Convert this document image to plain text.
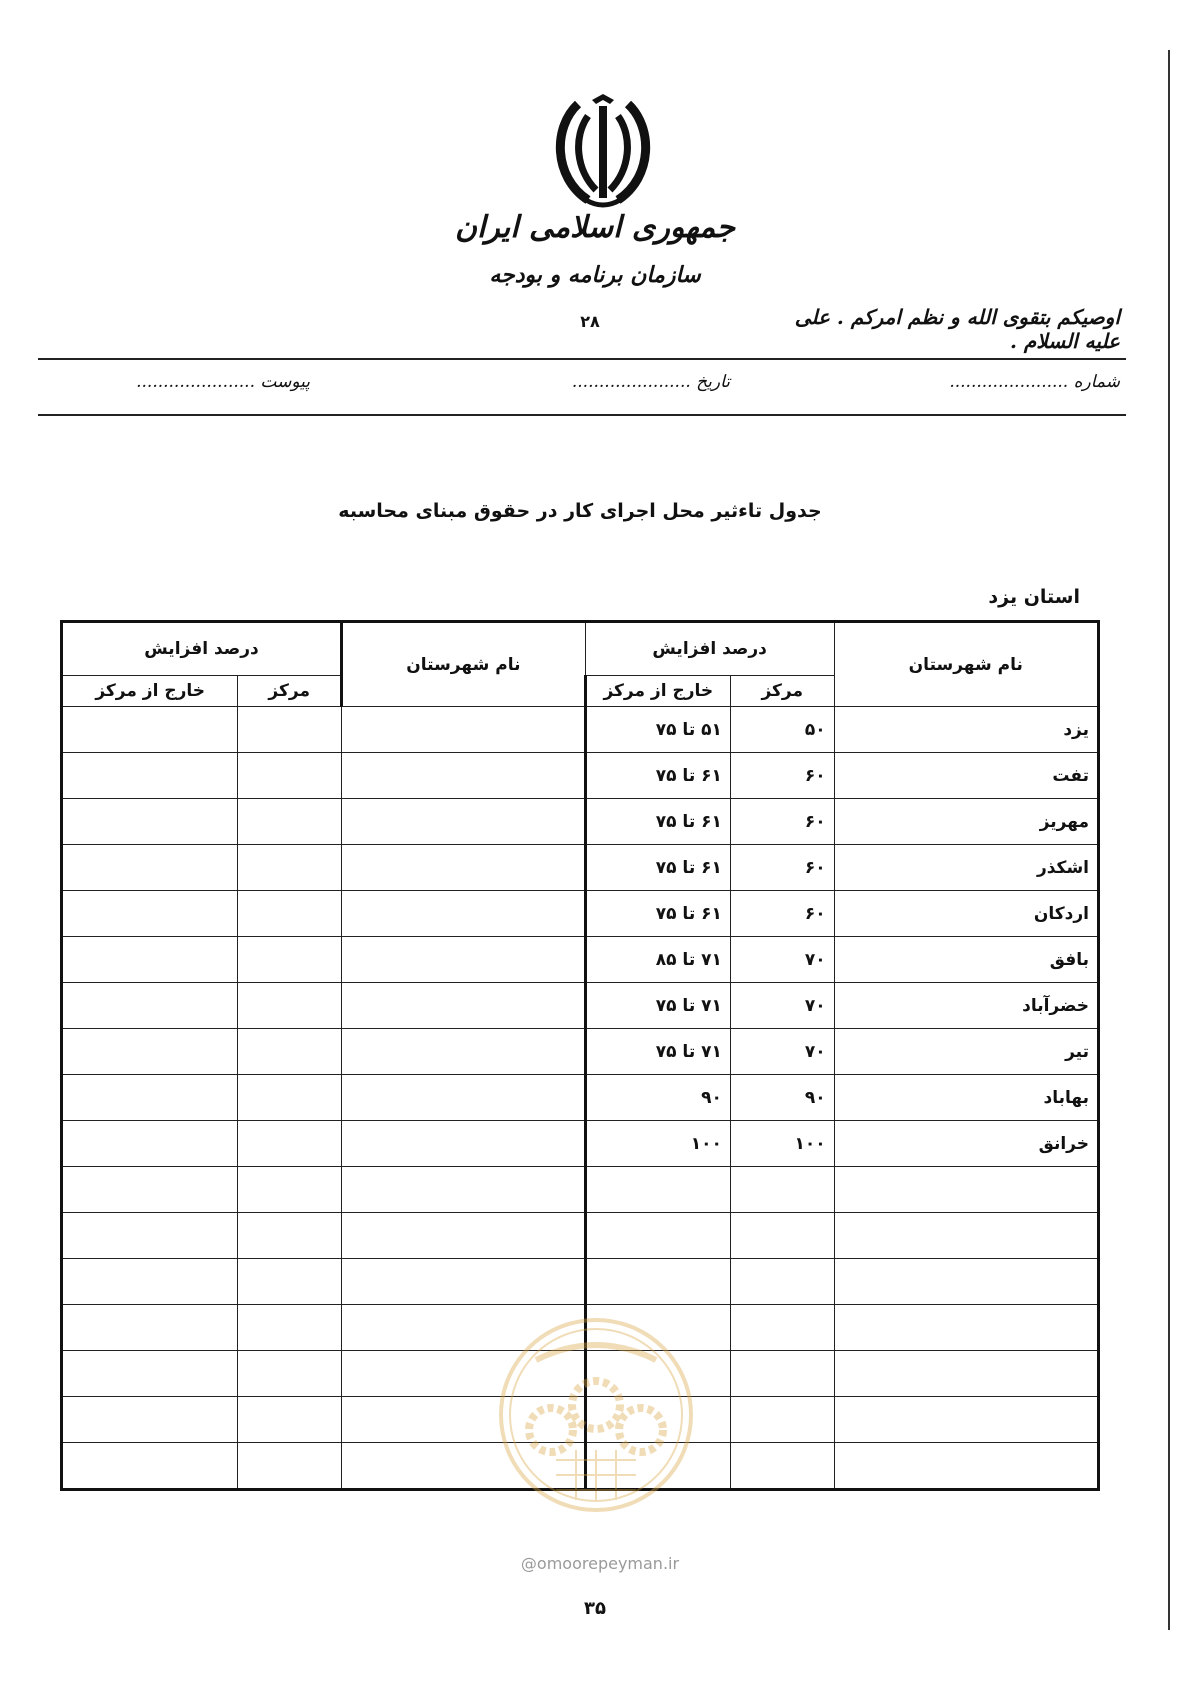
جمهوری اسلامی ایران
سازمان برنامه و بودجه
۲۸	اوصیکم بتقوی الله و نظم امرکم . علی علیه السلام .
شماره ......................
تاریخ ......................
پیوست ......................
جدول تاءثیر محل اجرای کار در حقوق مبنای محاسبه
استان یزد
نام شهرستان	درصد افزایش		نام شهرستان	درصد افزایش	
	مرکز	خارج از مرکز		مرکز	خارج از مرکز
یزد	۵۰	۵۱ تا ۷۵			
تفت	۶۰	۶۱ تا ۷۵			
مهریز	۶۰	۶۱ تا ۷۵			
اشکذر	۶۰	۶۱ تا ۷۵			
اردکان	۶۰	۶۱ تا ۷۵			
بافق	۷۰	۷۱ تا ۸۵			
خضرآباد	۷۰	۷۱ تا ۷۵			
تیر	۷۰	۷۱ تا ۷۵			
بهاباد	۹۰	۹۰			
خرانق	۱۰۰	۱۰۰			

@omoorepeyman.ir
۳۵
